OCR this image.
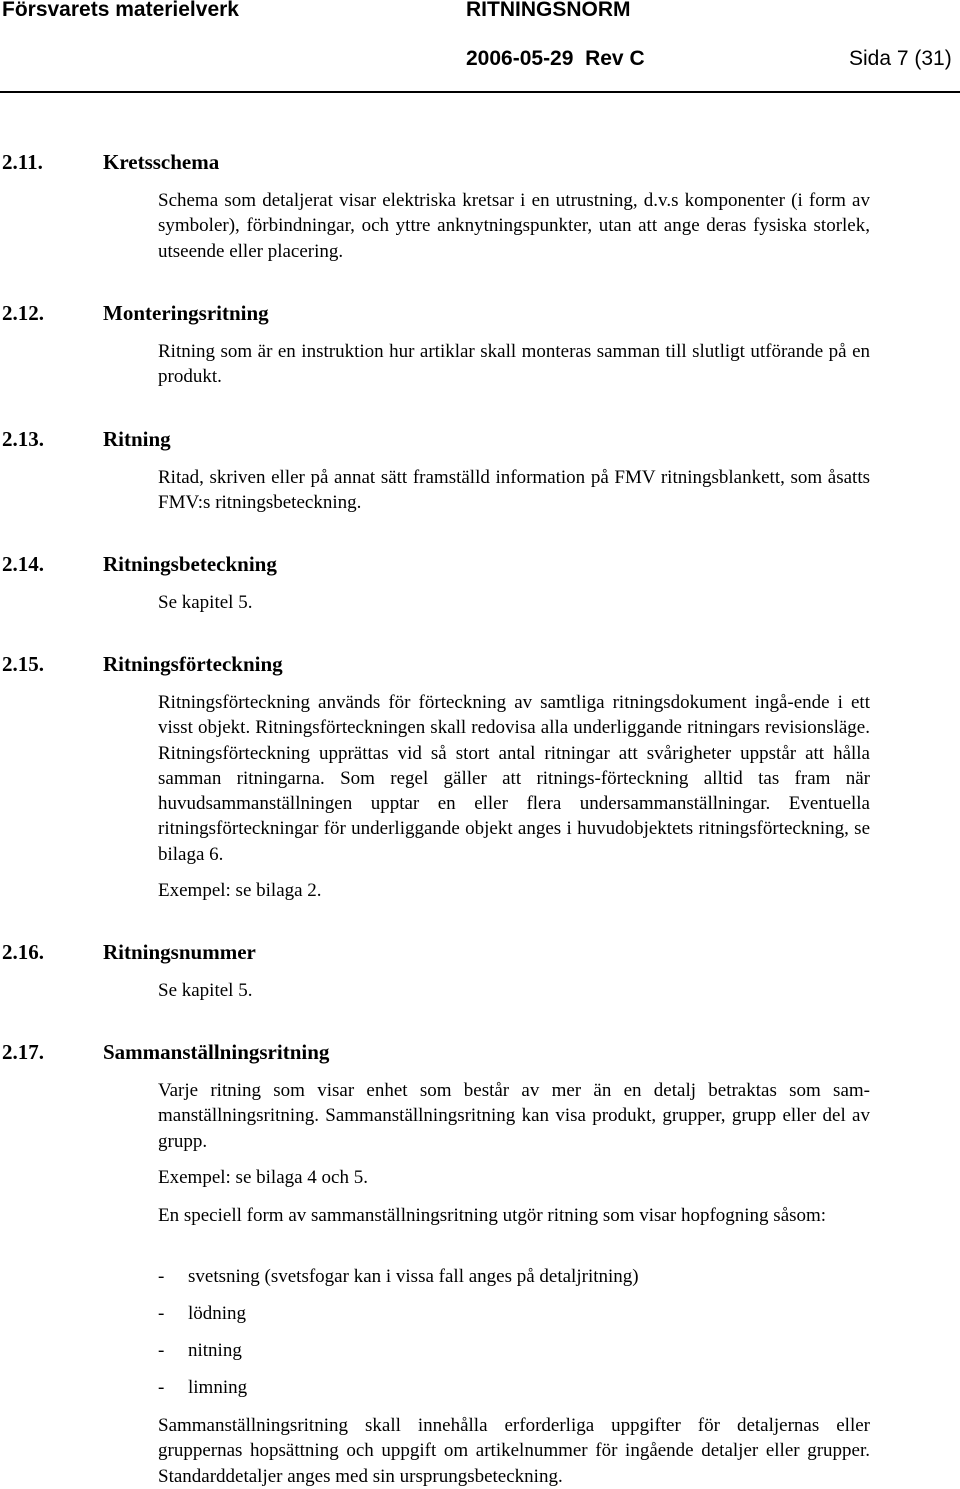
Försvarets materielverk	RITNINGSNORM
2006-05-29  Rev C	Sida 7 (31)
2.11.	Kretsschema

Schema som detaljerat visar elektriska kretsar i en utrustning, d.v.s komponenter (i form av symboler), förbindningar, och yttre anknytningspunkter, utan att ange deras fysiska storlek, utseende eller placering.

2.12.	Monteringsritning

Ritning som är en instruktion hur artiklar skall monteras samman till slutligt utförande på en produkt.

2.13.	Ritning

Ritad, skriven eller på annat sätt framställd information på FMV ritningsblankett, som åsatts FMV:s ritningsbeteckning.

2.14.	Ritningsbeteckning

Se kapitel 5.

2.15.	Ritningsförteckning

Ritningsförteckning används för förteckning av samtliga ritningsdokument ingå-ende i ett visst objekt. Ritningsförteckningen skall redovisa alla underliggande ritningars revisionsläge. Ritningsförteckning upprättas vid så stort antal ritningar att svårigheter uppstår att hålla samman ritningarna. Som regel gäller att ritnings-förteckning alltid tas fram när huvudsammanställningen upptar en eller flera undersammanställningar. Eventuella ritningsförteckningar för underliggande objekt anges i huvudobjektets ritningsförteckning, se bilaga 6.

Exempel: se bilaga 2.

2.16.	Ritningsnummer

Se kapitel 5.

2.17.	Sammanställningsritning

Varje ritning som visar enhet som består av mer än en detalj betraktas som sam-manställningsritning. Sammanställningsritning kan visa produkt, grupper, grupp eller del av grupp.

Exempel: se bilaga 4 och 5.

En speciell form av sammanställningsritning utgör ritning som visar hopfogning såsom:

- svetsning (svetsfogar kan i vissa fall anges på detaljritning)
- lödning
- nitning
- limning

Sammanställningsritning skall innehålla erforderliga uppgifter för detaljernas eller gruppernas hopsättning och uppgift om artikelnummer för ingående detaljer eller grupper. Standarddetaljer anges med sin ursprungsbeteckning.
